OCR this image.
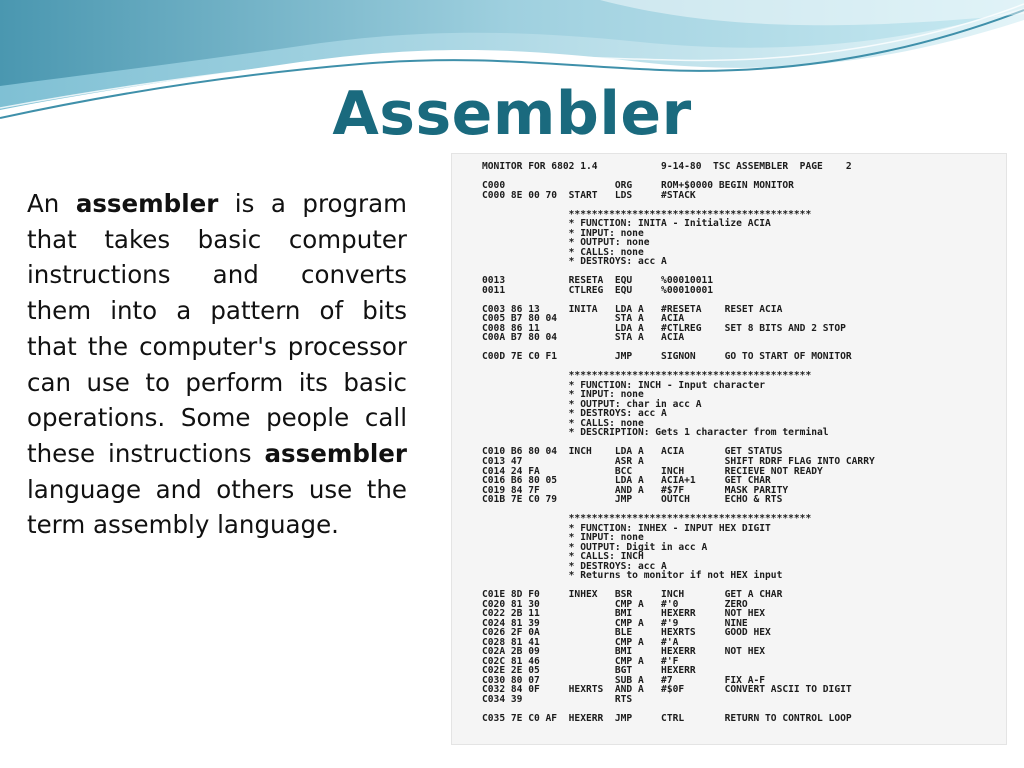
Assembler

An assembler is a program that takes basic computer instructions and converts them into a pattern of bits that the computer's processor can use to perform its basic operations. Some people call these instructions assembler language and others use the term assembly language.

MONITOR FOR 6802 1.4           9-14-80  TSC ASSEMBLER  PAGE    2

C000                   ORG     ROM+$0000 BEGIN MONITOR
C000 8E 00 70  START   LDS     #STACK

******************************************
* FUNCTION: INITA - Initialize ACIA
* INPUT: none
* OUTPUT: none
* CALLS: none
* DESTROYS: acc A

0013           RESETA  EQU     %00010011
0011           CTLREG  EQU     %00010001

C003 86 13     INITA   LDA A   #RESETA    RESET ACIA
C005 B7 80 04          STA A   ACIA
C008 86 11             LDA A   #CTLREG    SET 8 BITS AND 2 STOP
C00A B7 80 04          STA A   ACIA

C00D 7E C0 F1          JMP     SIGNON     GO TO START OF MONITOR

******************************************
* FUNCTION: INCH - Input character
* INPUT: none
* OUTPUT: char in acc A
* DESTROYS: acc A
* CALLS: none
* DESCRIPTION: Gets 1 character from terminal

C010 B6 80 04  INCH    LDA A   ACIA       GET STATUS
C013 47                ASR A              SHIFT RDRF FLAG INTO CARRY
C014 24 FA             BCC     INCH       RECIEVE NOT READY
C016 B6 80 05          LDA A   ACIA+1     GET CHAR
C019 84 7F             AND A   #$7F       MASK PARITY
C01B 7E C0 79          JMP     OUTCH      ECHO & RTS

******************************************
* FUNCTION: INHEX - INPUT HEX DIGIT
* INPUT: none
* OUTPUT: Digit in acc A
* CALLS: INCH
* DESTROYS: acc A
* Returns to monitor if not HEX input

C01E 8D F0     INHEX   BSR     INCH       GET A CHAR
C020 81 30             CMP A   #'0        ZERO
C022 2B 11             BMI     HEXERR     NOT HEX
C024 81 39             CMP A   #'9        NINE
C026 2F 0A             BLE     HEXRTS     GOOD HEX
C028 81 41             CMP A   #'A
C02A 2B 09             BMI     HEXERR     NOT HEX
C02C 81 46             CMP A   #'F
C02E 2E 05             BGT     HEXERR
C030 80 07             SUB A   #7         FIX A-F
C032 84 0F     HEXRTS  AND A   #$0F       CONVERT ASCII TO DIGIT
C034 39                RTS

C035 7E C0 AF  HEXERR  JMP     CTRL       RETURN TO CONTROL LOOP
